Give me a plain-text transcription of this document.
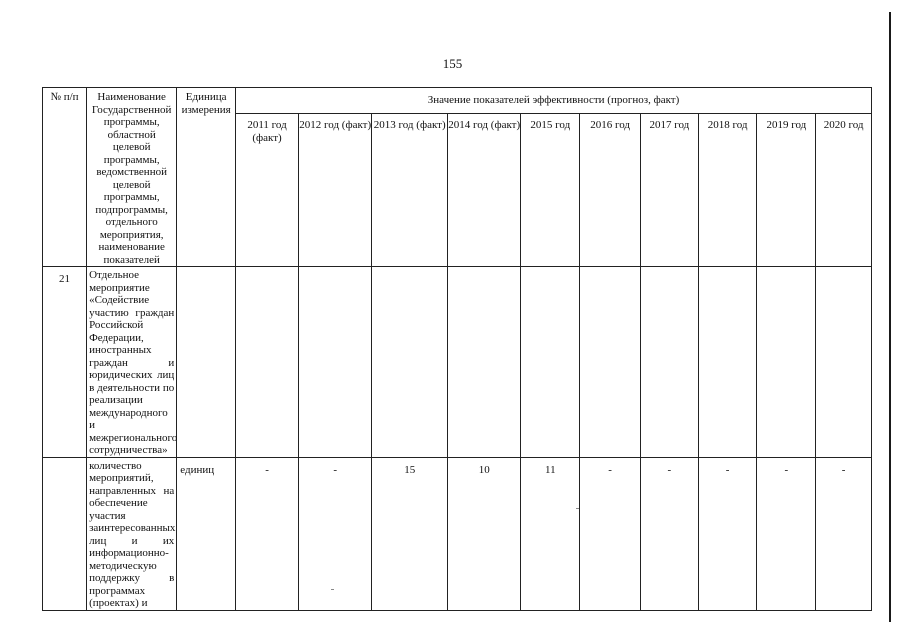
155
№ п/п	Наименование Государственной программы, областной целевой программы, ведомственной целевой программы, подпрограммы, отдельного мероприятия, наименование показателей	Единица измерения	Значение показателей эффективности (прогноз, факт)									
			2011 год (факт)	2012 год (факт)	2013 год (факт)	2014 год (факт)	2015 год	2016 год	2017 год	2018 год	2019 год	2020 год
21	Отдельное мероприятие «Содействие участию граждан Российской Федерации, иностранных граждан и юридических лиц в деятельности по реализации международного и межрегионального сотрудничества»											
	количество мероприятий, направленных на обеспечение участия заинтересованных лиц и их информационно-методическую поддержку в программах (проектах) и	единиц	-	-	15	10	11	-	-	-	-	-
